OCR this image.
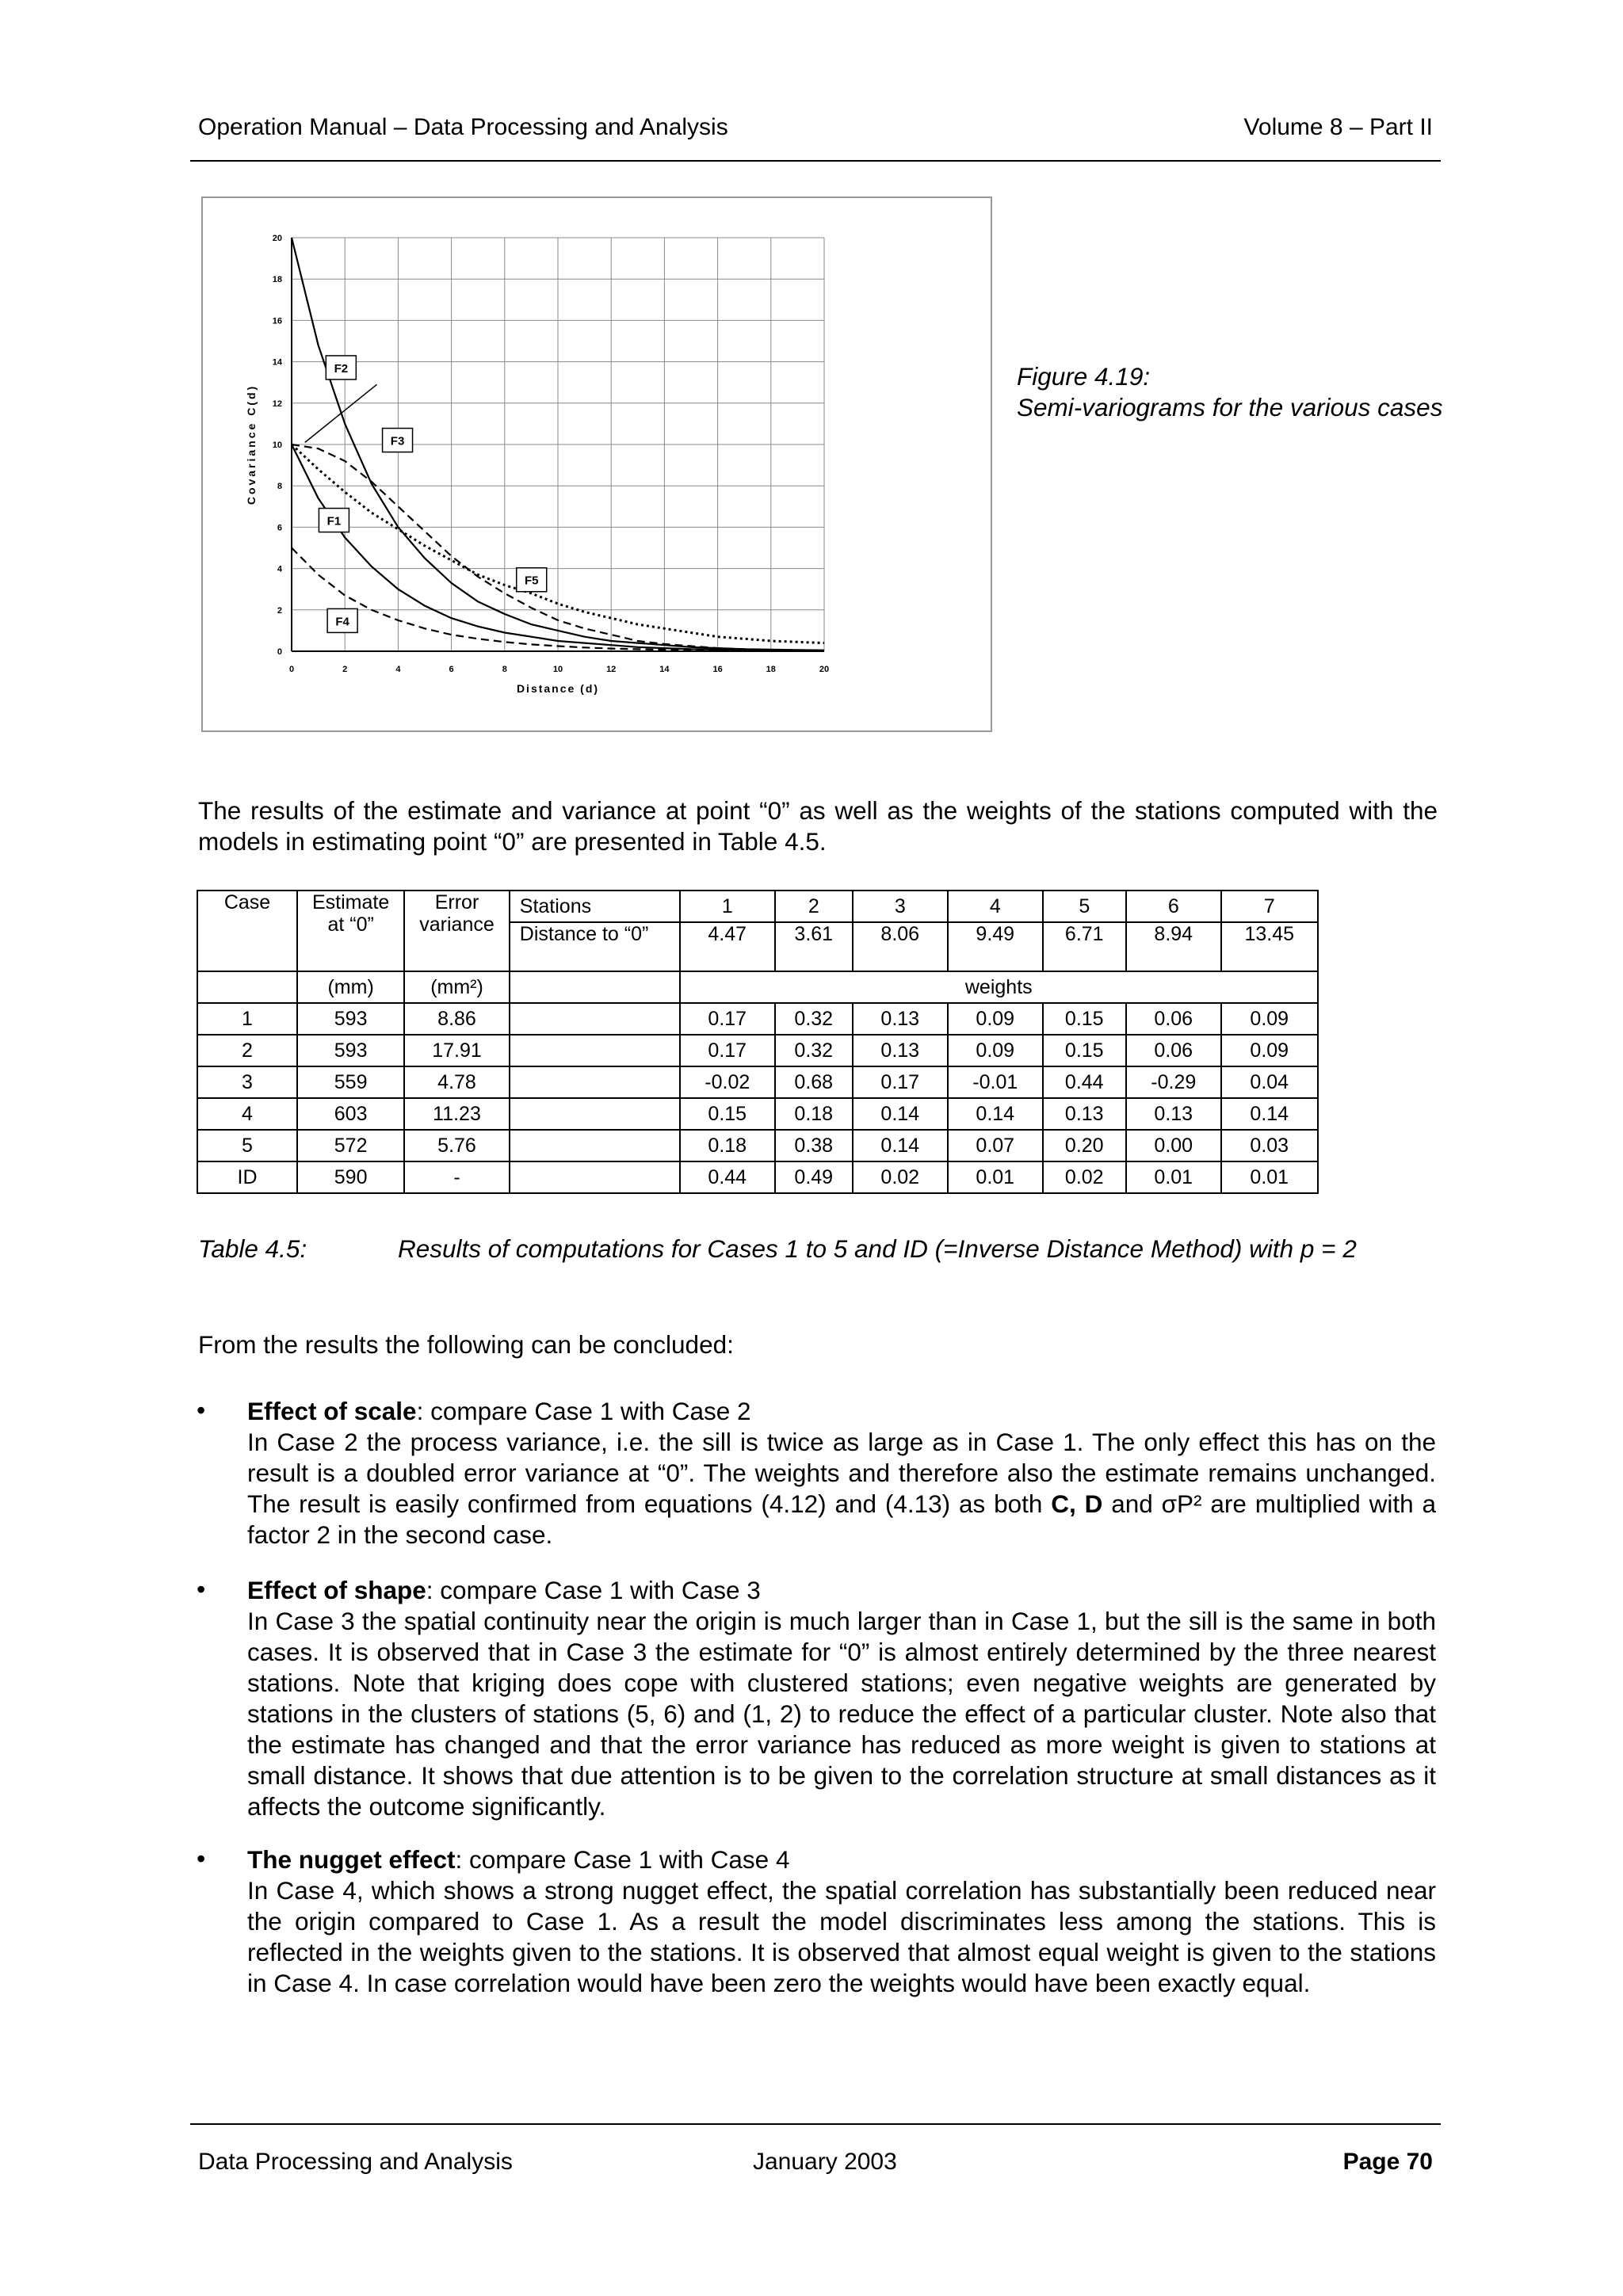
Operation Manual – Data Processing and Analysis	Volume 8 – Part II
0	2	4	6	8	10	12	14	16	18	20
0
2
4
6
8
10
12
14
16
18
20
F1
F2
F3
F4
F5
Distance (d)
Covariance C(d)
Figure 4.19:
Semi-variograms for the various cases
The results of the estimate and variance at point “0” as well as the weights of the stations computed with the models in estimating point “0” are presented in Table 4.5.
Case	Estimate at “0”	Error variance	Stations	1	2	3	4	5	6	7
			Distance to “0”	4.47	3.61	8.06	9.49	6.71	8.94	13.45
	(mm)	(mm²)		weights						
1	593	8.86		0.17	0.32	0.13	0.09	0.15	0.06	0.09
2	593	17.91		0.17	0.32	0.13	0.09	0.15	0.06	0.09
3	559	4.78		-0.02	0.68	0.17	-0.01	0.44	-0.29	0.04
4	603	11.23		0.15	0.18	0.14	0.14	0.13	0.13	0.14
5	572	5.76		0.18	0.38	0.14	0.07	0.20	0.00	0.03
ID	590	-		0.44	0.49	0.02	0.01	0.02	0.01	0.01
Table 4.5:	Results of computations for Cases 1 to 5 and ID (=Inverse Distance Method) with p = 2
From the results the following can be concluded:
• Effect of scale: compare Case 1 with Case 2
In Case 2 the process variance, i.e. the sill is twice as large as in Case 1. The only effect this has on the result is a doubled error variance at “0”. The weights and therefore also the estimate remains unchanged. The result is easily confirmed from equations (4.12) and (4.13) as both C, D and σP² are multiplied with a factor 2 in the second case.
• Effect of shape: compare Case 1 with Case 3
In Case 3 the spatial continuity near the origin is much larger than in Case 1, but the sill is the same in both cases. It is observed that in Case 3 the estimate for “0” is almost entirely determined by the three nearest stations. Note that kriging does cope with clustered stations; even negative weights are generated by stations in the clusters of stations (5, 6) and (1, 2) to reduce the effect of a particular cluster. Note also that the estimate has changed and that the error variance has reduced as more weight is given to stations at small distance. It shows that due attention is to be given to the correlation structure at small distances as it affects the outcome significantly.
• The nugget effect: compare Case 1 with Case 4
In Case 4, which shows a strong nugget effect, the spatial correlation has substantially been reduced near the origin compared to Case 1. As a result the model discriminates less among the stations. This is reflected in the weights given to the stations. It is observed that almost equal weight is given to the stations in Case 4. In case correlation would have been zero the weights would have been exactly equal.
Data Processing and Analysis	January 2003	Page 70
